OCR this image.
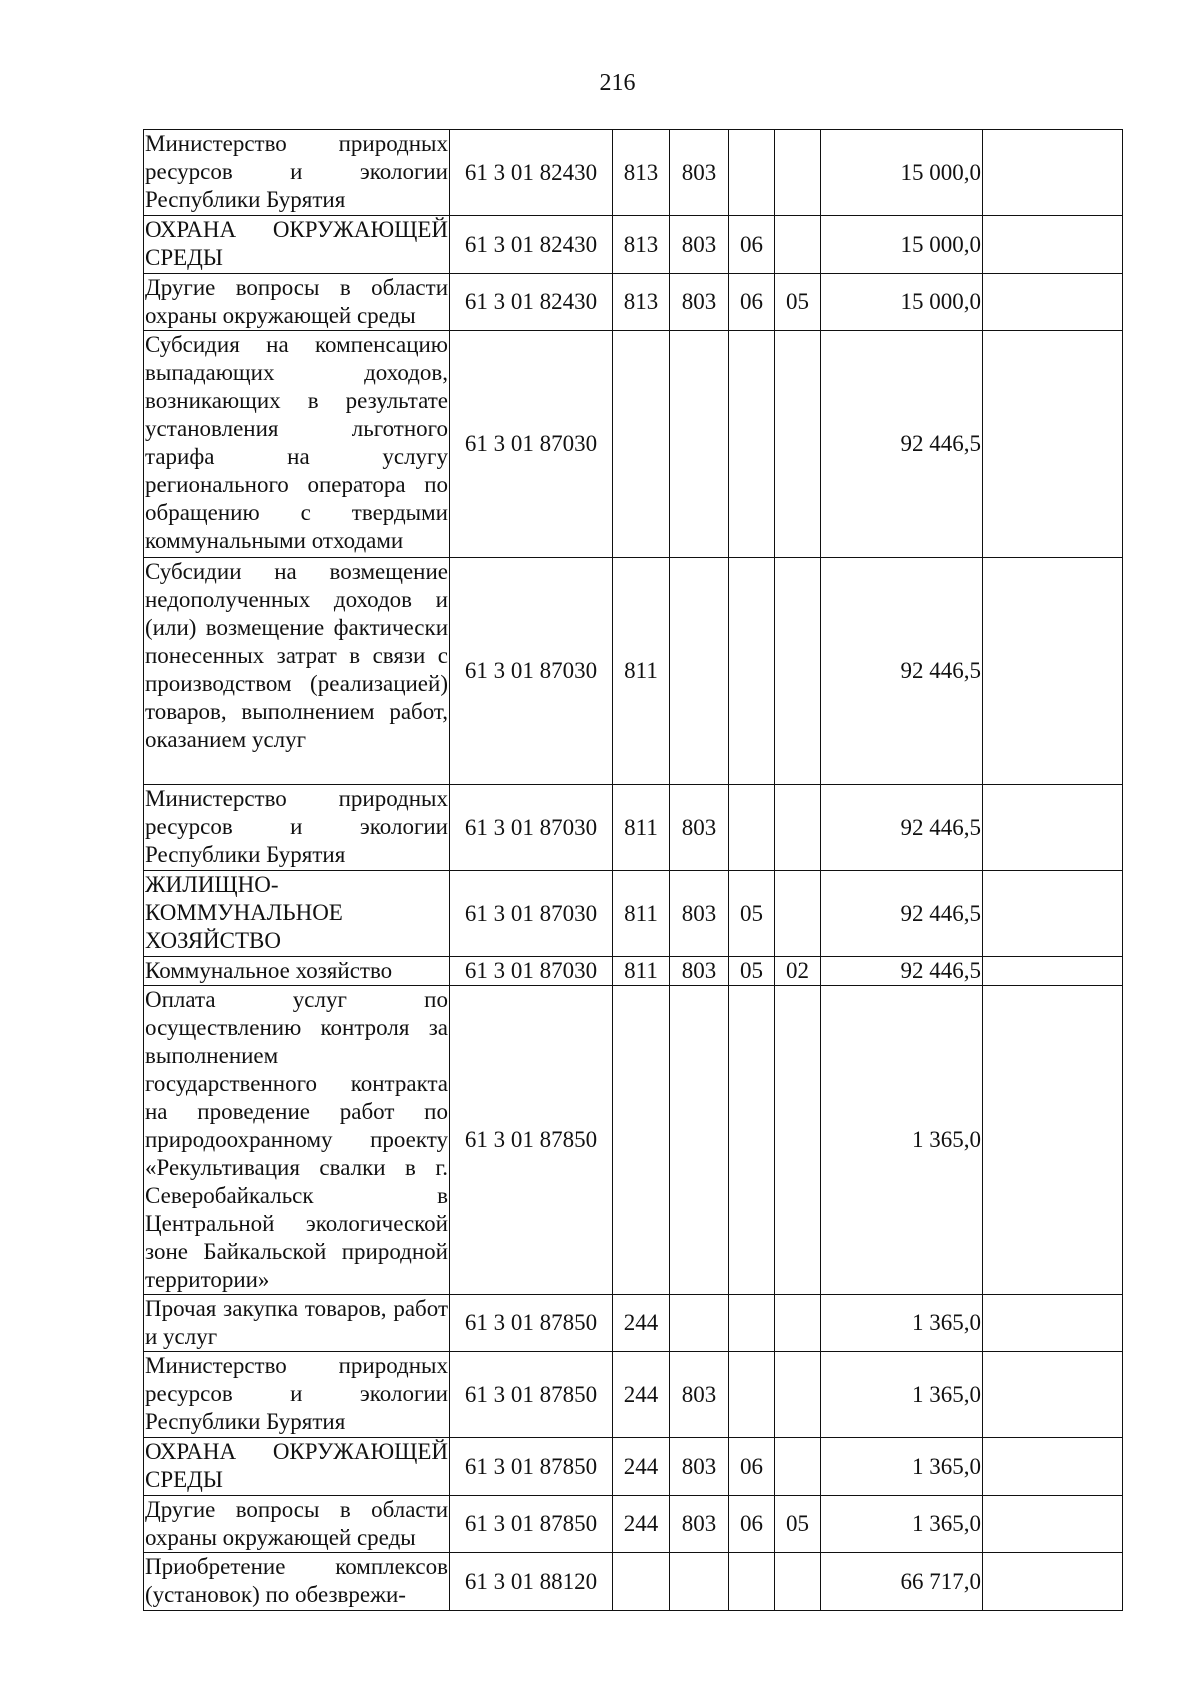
216
Министерство природных ресурсов и экологии Республики Бурятия	61 3 01 82430	813	803			15 000,0	
ОХРАНА ОКРУЖАЮЩЕЙ СРЕДЫ	61 3 01 82430	813	803	06		15 000,0	
Другие вопросы в области охраны окружающей среды	61 3 01 82430	813	803	06	05	15 000,0	
Субсидия на компенсацию выпадающих доходов, возникающих в результате установления льготного тарифа на услугу регионального оператора по обращению с твердыми коммунальными отходами	61 3 01 87030					92 446,5	
Субсидии на возмещение недополученных доходов и (или) возмещение фактически понесенных затрат в связи с производством (реализацией) товаров, выполнением работ, оказанием услуг	61 3 01 87030	811				92 446,5	
Министерство природных ресурсов и экологии Республики Бурятия	61 3 01 87030	811	803			92 446,5	
ЖИЛИЩНО-КОММУНАЛЬНОЕ ХОЗЯЙСТВО	61 3 01 87030	811	803	05		92 446,5	
Коммунальное хозяйство	61 3 01 87030	811	803	05	02	92 446,5	
Оплата услуг по осуществлению контроля за выполнением государственного контракта на проведение работ по природоохранному проекту «Рекультивация свалки в г. Северобайкальск в Центральной экологической зоне Байкальской природной территории»	61 3 01 87850					1 365,0	
Прочая закупка товаров, работ и услуг	61 3 01 87850	244				1 365,0	
Министерство природных ресурсов и экологии Республики Бурятия	61 3 01 87850	244	803			1 365,0	
ОХРАНА ОКРУЖАЮЩЕЙ СРЕДЫ	61 3 01 87850	244	803	06		1 365,0	
Другие вопросы в области охраны окружающей среды	61 3 01 87850	244	803	06	05	1 365,0	
Приобретение комплексов (установок) по обезврежи-	61 3 01 88120					66 717,0	
